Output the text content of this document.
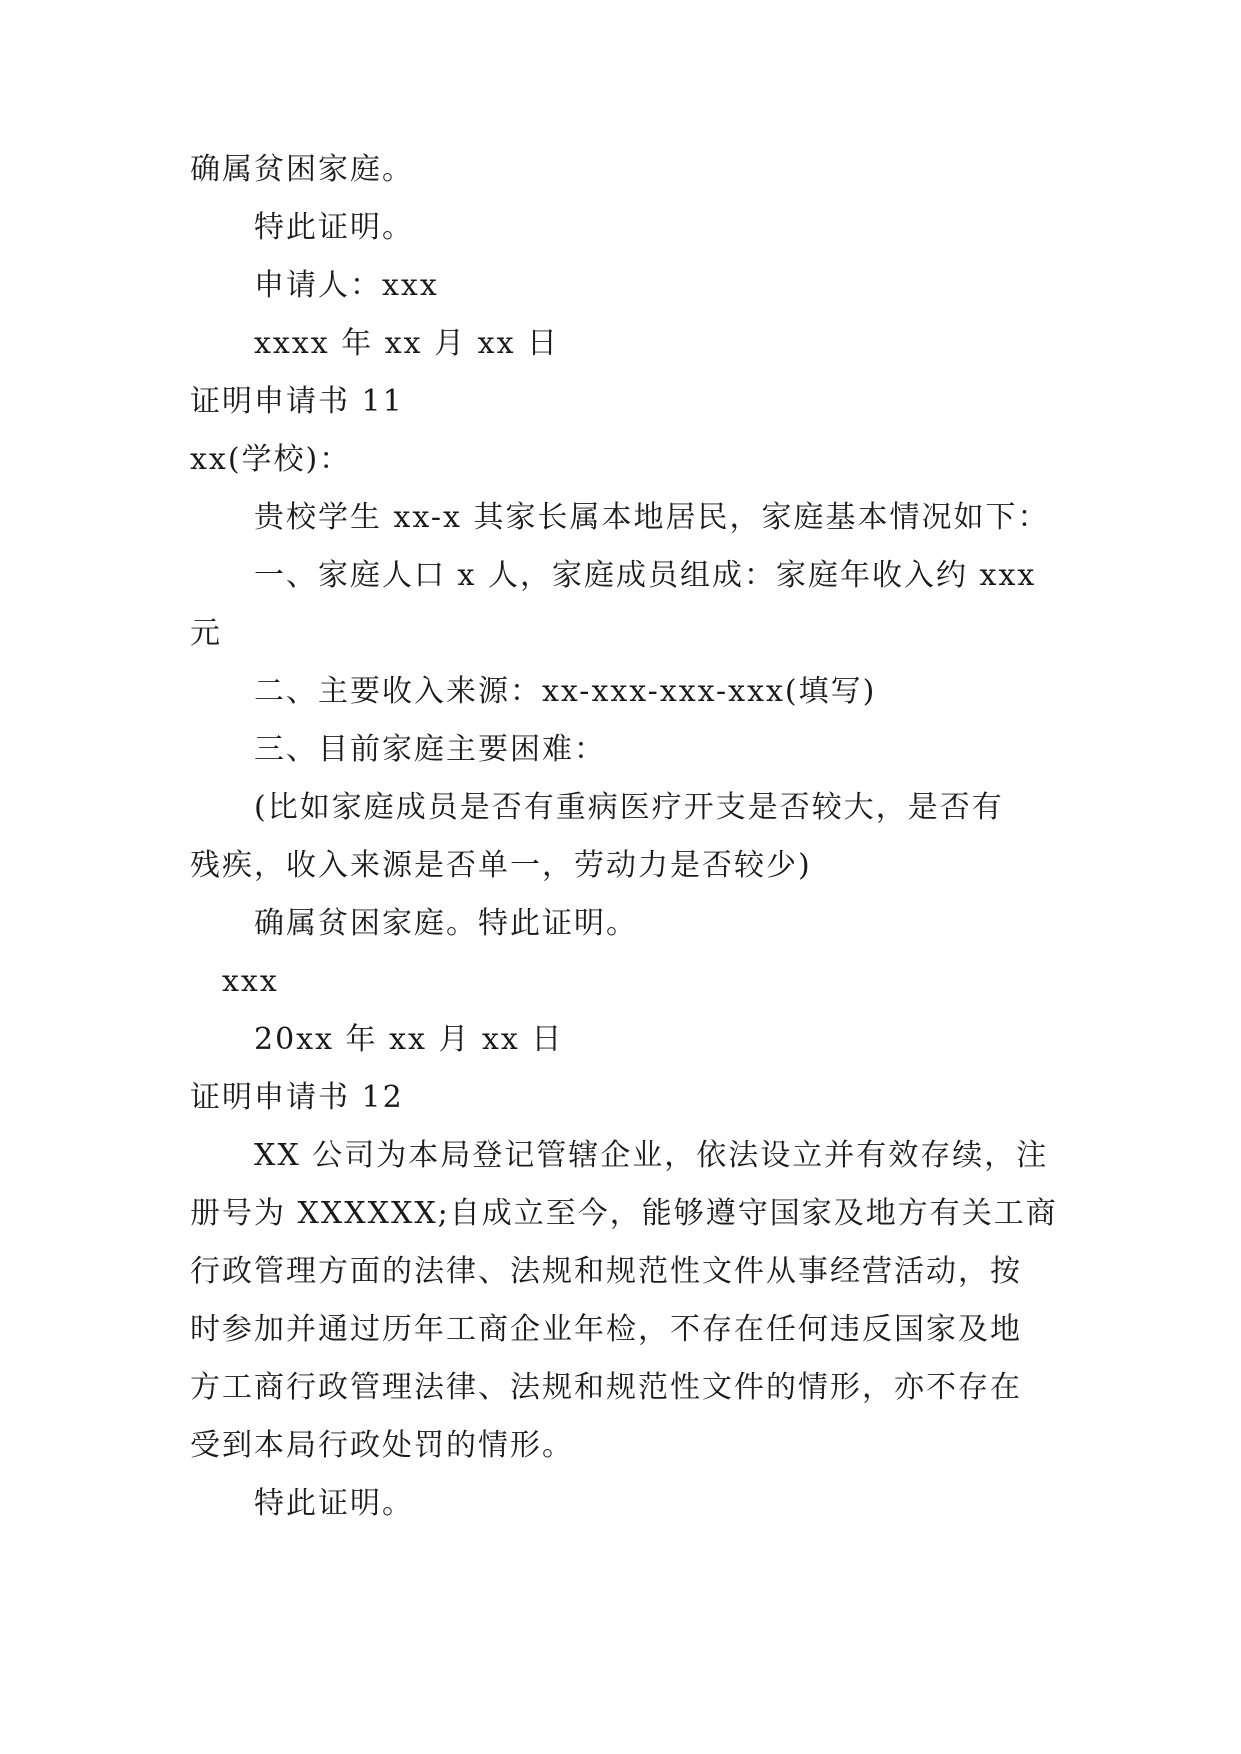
确属贫困家庭。
特此证明。
申请人：xxx
xxxx 年 xx 月 xx 日
证明申请书 11
xx(学校)：
贵校学生 xx-x 其家长属本地居民，家庭基本情况如下：
一、家庭人口 x 人，家庭成员组成：家庭年收入约 xxx
元
二、主要收入来源：xx-xxx-xxx-xxx(填写)
三、目前家庭主要困难：
(比如家庭成员是否有重病医疗开支是否较大，是否有
残疾，收入来源是否单一，劳动力是否较少)
确属贫困家庭。特此证明。
xxx
20xx 年 xx 月 xx 日
证明申请书 12
XX 公司为本局登记管辖企业，依法设立并有效存续，注
册号为 XXXXXX;自成立至今，能够遵守国家及地方有关工商
行政管理方面的法律、法规和规范性文件从事经营活动，按
时参加并通过历年工商企业年检，不存在任何违反国家及地
方工商行政管理法律、法规和规范性文件的情形，亦不存在
受到本局行政处罚的情形。
特此证明。
